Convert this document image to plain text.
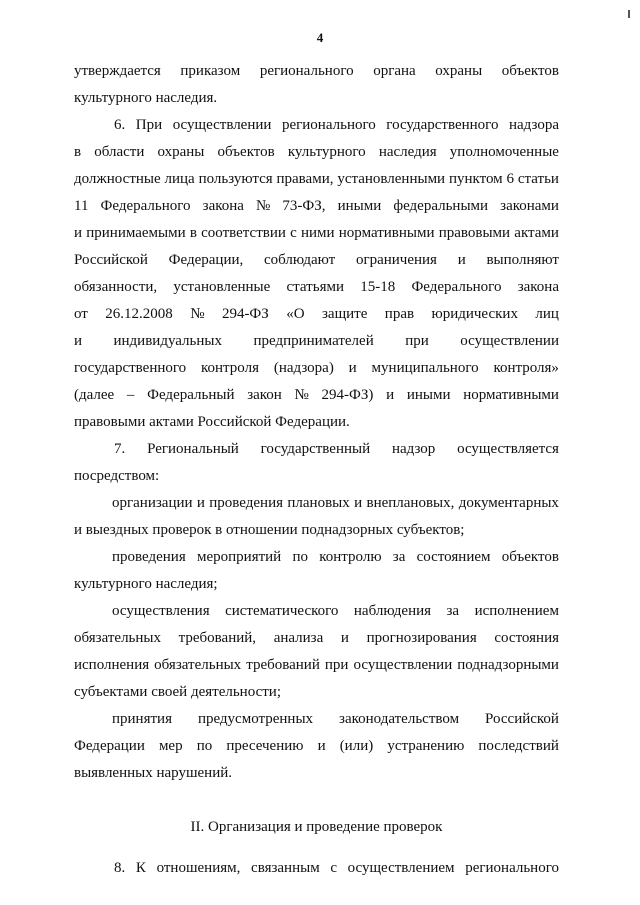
4
утверждается приказом регионального органа охраны объектов
культурного наследия.
6. При осуществлении регионального государственного надзора
в области охраны объектов культурного наследия уполномоченные
должностные лица пользуются правами, установленными пунктом 6 статьи
11 Федерального закона № 73-ФЗ, иными федеральными законами
и принимаемыми в соответствии с ними нормативными правовыми актами
Российской Федерации, соблюдают ограничения и выполняют
обязанности, установленные статьями 15-18 Федерального закона
от 26.12.2008 № 294-ФЗ «О защите прав юридических лиц
и индивидуальных предпринимателей при осуществлении
государственного контроля (надзора) и муниципального контроля»
(далее – Федеральный закон № 294-ФЗ) и иными нормативными
правовыми актами Российской Федерации.
7. Региональный государственный надзор осуществляется
посредством:
организации и проведения плановых и внеплановых, документарных
и выездных проверок в отношении поднадзорных субъектов;
проведения мероприятий по контролю за состоянием объектов
культурного наследия;
осуществления систематического наблюдения за исполнением
обязательных требований, анализа и прогнозирования состояния
исполнения обязательных требований при осуществлении поднадзорными
субъектами своей деятельности;
принятия предусмотренных законодательством Российской
Федерации мер по пресечению и (или) устранению последствий
выявленных нарушений.
II. Организация и проведение проверок
8. К отношениям, связанным с осуществлением регионального
